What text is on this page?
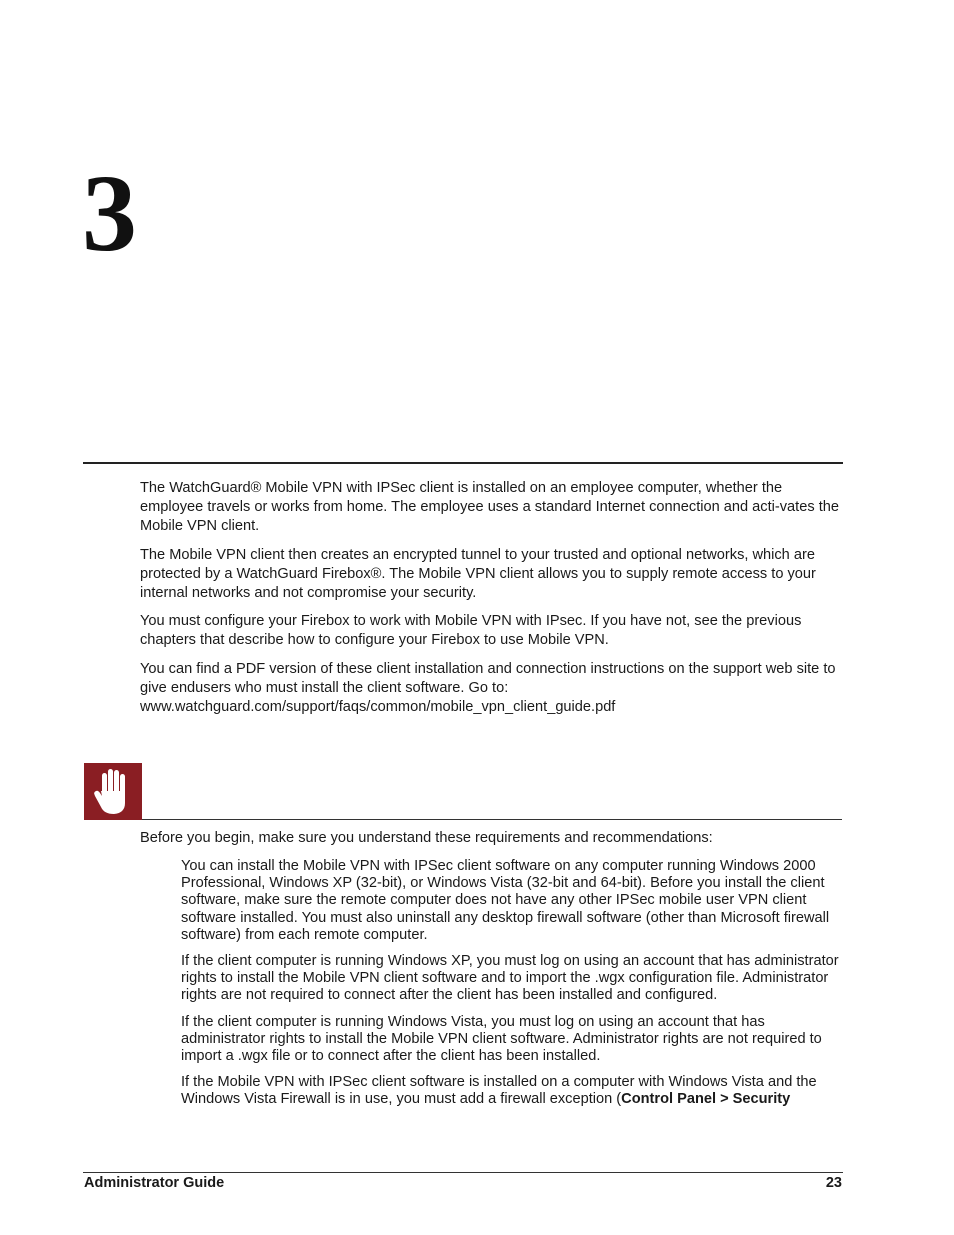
3

The WatchGuard® Mobile VPN with IPSec client is installed on an employee computer, whether the employee travels or works from home. The employee uses a standard Internet connection and acti-vates the Mobile VPN client.

The Mobile VPN client then creates an encrypted tunnel to your trusted and optional networks, which are protected by a WatchGuard Firebox®. The Mobile VPN client allows you to supply remote access to your internal networks and not compromise your security.

You must configure your Firebox to work with Mobile VPN with IPsec. If you have not, see the previous chapters that describe how to configure your Firebox to use Mobile VPN.

You can find a PDF version of these client installation and connection instructions on the support web site to give endusers who must install the client software. Go to:

www.watchguard.com/support/faqs/common/mobile_vpn_client_guide.pdf

Before you begin, make sure you understand these requirements and recommendations:

You can install the Mobile VPN with IPSec client software on any computer running Windows 2000 Professional, Windows XP (32-bit), or Windows Vista (32-bit and 64-bit). Before you install the client software, make sure the remote computer does not have any other IPSec mobile user VPN client software installed. You must also uninstall any desktop firewall software (other than Microsoft firewall software) from each remote computer.

If the client computer is running Windows XP, you must log on using an account that has administrator rights to install the Mobile VPN client software and to import the .wgx configuration file. Administrator rights are not required to connect after the client has been installed and configured.

If the client computer is running Windows Vista, you must log on using an account that has administrator rights to install the Mobile VPN client software. Administrator rights are not required to import a .wgx file or to connect after the client has been installed.

If the Mobile VPN with IPSec client software is installed on a computer with Windows Vista and the Windows Vista Firewall is in use, you must add a firewall exception (Control Panel > Security

Administrator Guide	23
